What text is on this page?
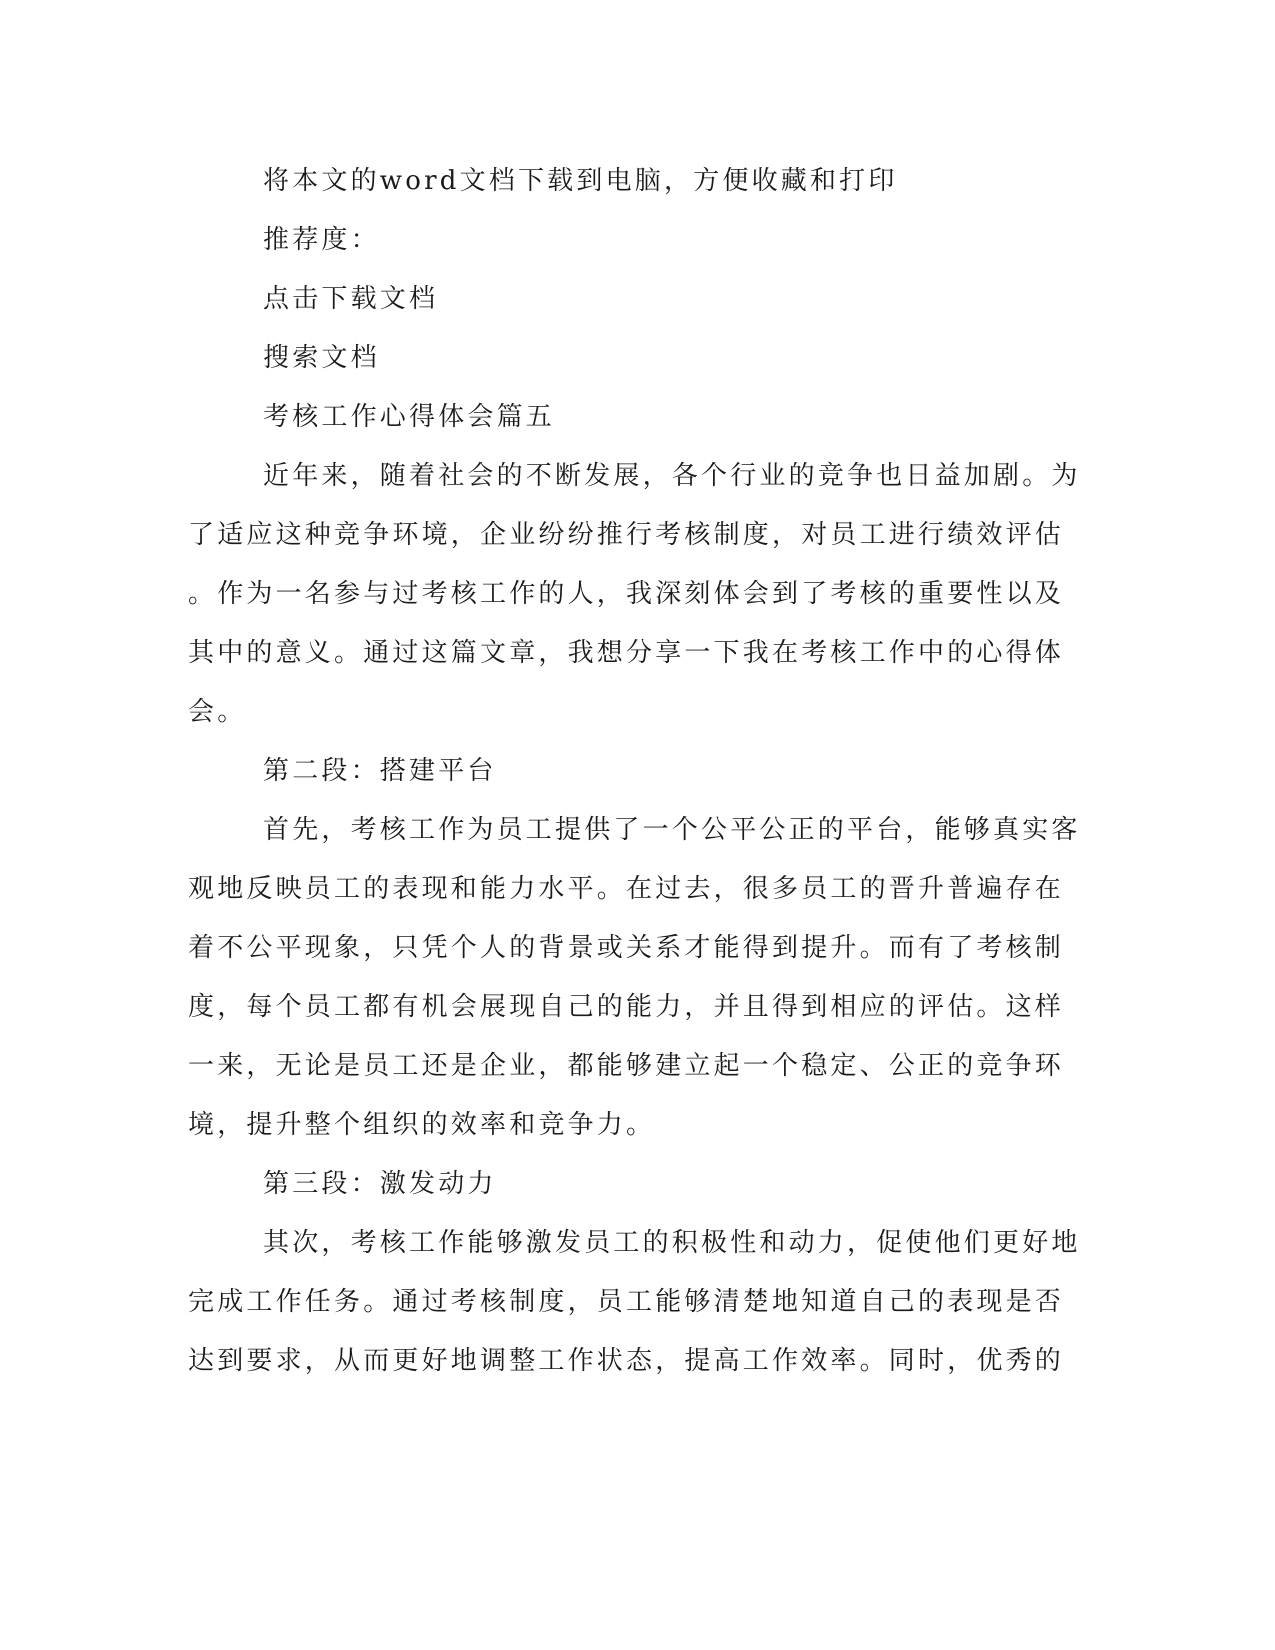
将本文的word文档下载到电脑，方便收藏和打印
推荐度：
点击下载文档
搜索文档
考核工作心得体会篇五
近年来，随着社会的不断发展，各个行业的竞争也日益加剧。为
了适应这种竞争环境，企业纷纷推行考核制度，对员工进行绩效评估
。作为一名参与过考核工作的人，我深刻体会到了考核的重要性以及
其中的意义。通过这篇文章，我想分享一下我在考核工作中的心得体
会。
第二段：搭建平台
首先，考核工作为员工提供了一个公平公正的平台，能够真实客
观地反映员工的表现和能力水平。在过去，很多员工的晋升普遍存在
着不公平现象，只凭个人的背景或关系才能得到提升。而有了考核制
度，每个员工都有机会展现自己的能力，并且得到相应的评估。这样
一来，无论是员工还是企业，都能够建立起一个稳定、公正的竞争环
境，提升整个组织的效率和竞争力。
第三段：激发动力
其次，考核工作能够激发员工的积极性和动力，促使他们更好地
完成工作任务。通过考核制度，员工能够清楚地知道自己的表现是否
达到要求，从而更好地调整工作状态，提高工作效率。同时，优秀的
